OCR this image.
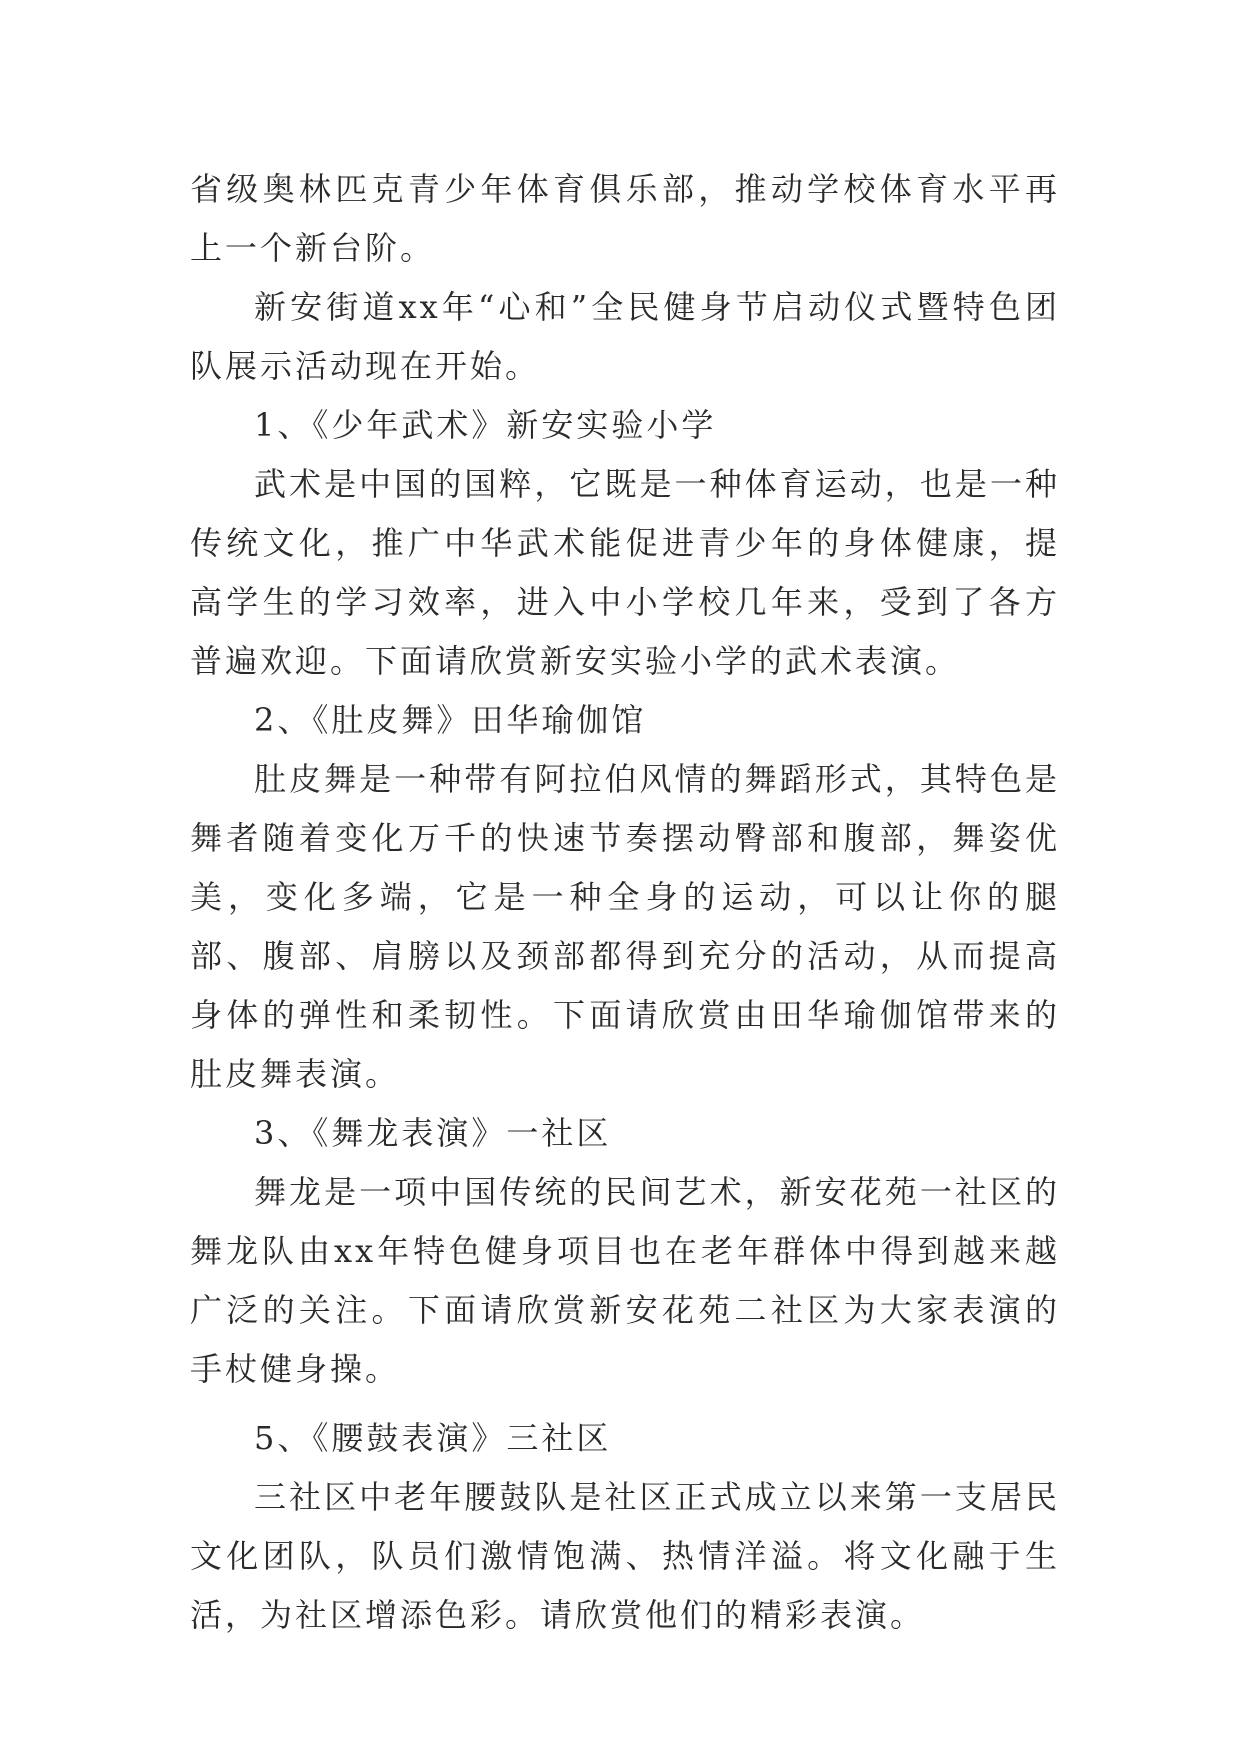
省级奥林匹克青少年体育俱乐部，推动学校体育水平再上一个新台阶。

新安街道xx年“心和”全民健身节启动仪式暨特色团队展示活动现在开始。

1、《少年武术》新安实验小学

武术是中国的国粹，它既是一种体育运动，也是一种传统文化，推广中华武术能促进青少年的身体健康，提高学生的学习效率，进入中小学校几年来，受到了各方普遍欢迎。下面请欣赏新安实验小学的武术表演。

2、《肚皮舞》田华瑜伽馆

肚皮舞是一种带有阿拉伯风情的舞蹈形式，其特色是舞者随着变化万千的快速节奏摆动臀部和腹部，舞姿优美，变化多端，它是一种全身的运动，可以让你的腿部、腹部、肩膀以及颈部都得到充分的活动，从而提高身体的弹性和柔韧性。下面请欣赏由田华瑜伽馆带来的肚皮舞表演。

3、《舞龙表演》一社区

舞龙是一项中国传统的民间艺术，新安花苑一社区的舞龙队由xx年特色健身项目也在老年群体中得到越来越广泛的关注。下面请欣赏新安花苑二社区为大家表演的手杖健身操。

5、《腰鼓表演》三社区

三社区中老年腰鼓队是社区正式成立以来第一支居民文化团队，队员们激情饱满、热情洋溢。将文化融于生活，为社区增添色彩。请欣赏他们的精彩表演。
